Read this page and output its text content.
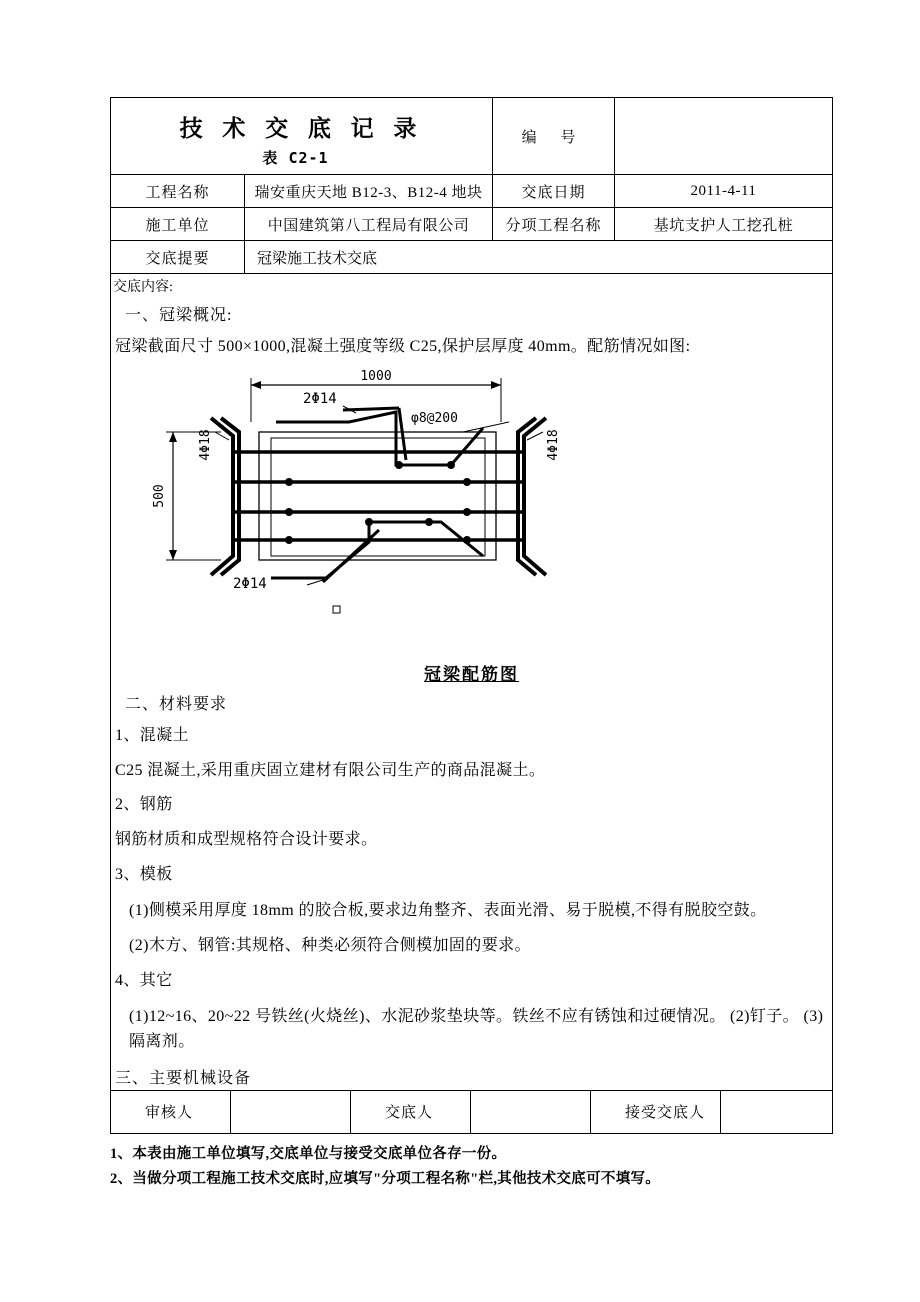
技 术 交 底 记 录
表 C2-1		编 号	
工程名称	瑞安重庆天地 B12-3、B12-4 地块	交底日期	2011-4-11
施工单位	中国建筑第八工程局有限公司	分项工程名称	基坑支护人工挖孔桩
交底提要	冠梁施工技术交底		

交底内容:
一、冠梁概况:
冠梁截面尺寸 500×1000,混凝土强度等级 C25,保护层厚度 40mm。配筋情况如图:
1000
500
2Φ14
2Φ14
4Φ18	4Φ18
φ8@200
冠梁配筋图
二、材料要求
1、混凝土
C25 混凝土,采用重庆固立建材有限公司生产的商品混凝土。
2、钢筋
钢筋材质和成型规格符合设计要求。
3、模板
(1)侧模采用厚度 18mm 的胶合板,要求边角整齐、表面光滑、易于脱模,不得有脱胶空鼓。
(2)木方、钢管:其规格、种类必须符合侧模加固的要求。
4、其它
(1)12~16、20~22 号铁丝(火烧丝)、水泥砂浆垫块等。铁丝不应有锈蚀和过硬情况。 (2)钉子。 (3)隔离剂。
三、主要机械设备
审核人		交底人		接受交底人	
1、本表由施工单位填写,交底单位与接受交底单位各存一份。
2、当做分项工程施工技术交底时,应填写"分项工程名称"栏,其他技术交底可不填写。
